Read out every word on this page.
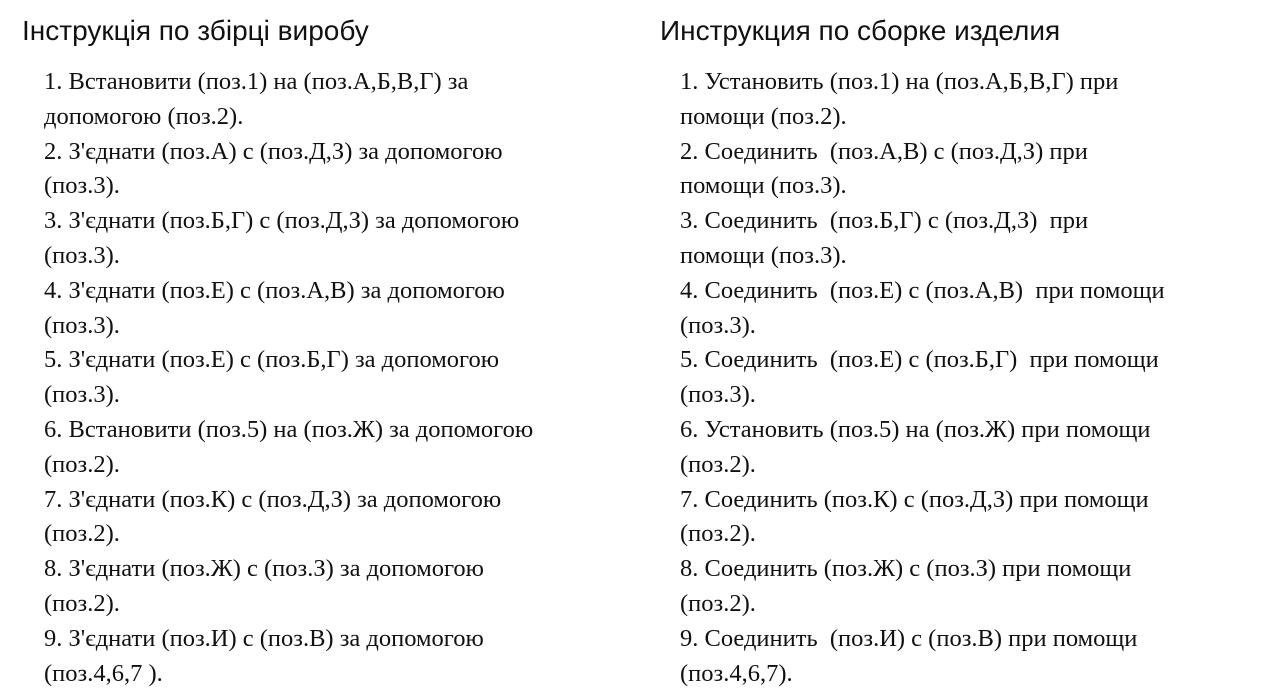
Інструкція по збірці виробу
1. Встановити (поз.1) на (поз.А,Б,В,Г) за
допомогою (поз.2).
2. З'єднати (поз.А) с (поз.Д,З) за допомогою
(поз.3).
3. З'єднати (поз.Б,Г) с (поз.Д,З) за допомогою
(поз.3).
4. З'єднати (поз.Е) с (поз.А,В) за допомогою
(поз.3).
5. З'єднати (поз.Е) с (поз.Б,Г) за допомогою
(поз.3).
6. Встановити (поз.5) на (поз.Ж) за допомогою
(поз.2).
7. З'єднати (поз.К) с (поз.Д,З) за допомогою
(поз.2).
8. З'єднати (поз.Ж) с (поз.З) за допомогою
(поз.2).
9. З'єднати (поз.И) с (поз.В) за допомогою
(поз.4,6,7 ).
Инструкция по сборке изделия
1. Установить (поз.1) на (поз.А,Б,В,Г) при
помощи (поз.2).
2. Соединить  (поз.А,В) с (поз.Д,З) при
помощи (поз.3).
3. Соединить  (поз.Б,Г) с (поз.Д,З)  при
помощи (поз.3).
4. Соединить  (поз.Е) с (поз.А,В)  при помощи
(поз.3).
5. Соединить  (поз.Е) с (поз.Б,Г)  при помощи
(поз.3).
6. Установить (поз.5) на (поз.Ж) при помощи
(поз.2).
7. Соединить (поз.К) с (поз.Д,З) при помощи
(поз.2).
8. Соединить (поз.Ж) с (поз.З) при помощи
(поз.2).
9. Соединить  (поз.И) с (поз.В) при помощи
(поз.4,6,7).
